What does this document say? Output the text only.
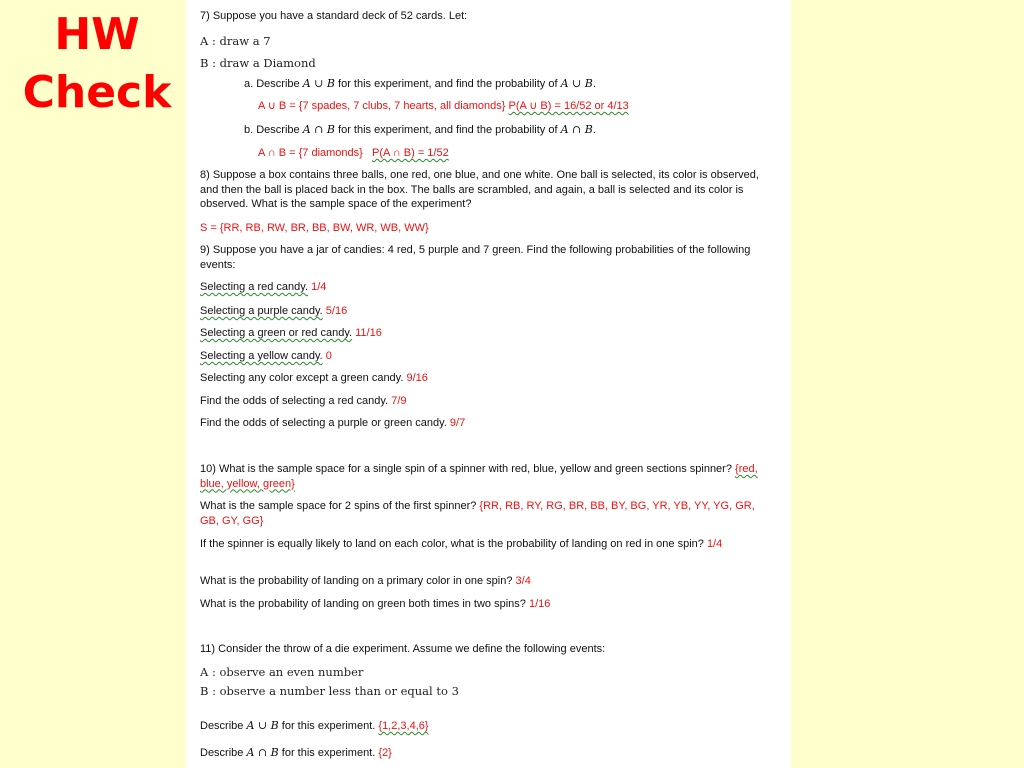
HW
Check
7) Suppose you have a standard deck of 52 cards. Let:
A : draw a 7
B : draw a Diamond
a. Describe A ∪ B for this experiment, and find the probability of A ∪ B.
A ∪ B = {7 spades, 7 clubs, 7 hearts, all diamonds} P(A ∪ B) = 16/52 or 4/13
b. Describe A ∩ B for this experiment, and find the probability of A ∩ B.
A ∩ B = {7 diamonds} P(A ∩ B) = 1/52
8) Suppose a box contains three balls, one red, one blue, and one white. One ball is selected, its color is observed, and then the ball is placed back in the box. The balls are scrambled, and again, a ball is selected and its color is observed. What is the sample space of the experiment?
S = {RR, RB, RW, BR, BB, BW, WR, WB, WW}
9) Suppose you have a jar of candies: 4 red, 5 purple and 7 green. Find the following probabilities of the following events:
Selecting a red candy. 1/4
Selecting a purple candy. 5/16
Selecting a green or red candy. 11/16
Selecting a yellow candy. 0
Selecting any color except a green candy. 9/16
Find the odds of selecting a red candy. 7/9
Find the odds of selecting a purple or green candy. 9/7
10) What is the sample space for a single spin of a spinner with red, blue, yellow and green sections spinner? {red, blue, yellow, green}
What is the sample space for 2 spins of the first spinner? {RR, RB, RY, RG, BR, BB, BY, BG, YR, YB, YY, YG, GR, GB, GY, GG}
If the spinner is equally likely to land on each color, what is the probability of landing on red in one spin? 1/4
What is the probability of landing on a primary color in one spin? 3/4
What is the probability of landing on green both times in two spins? 1/16
11) Consider the throw of a die experiment. Assume we define the following events:
A : observe an even number
B : observe a number less than or equal to 3
Describe A ∪ B for this experiment. {1,2,3,4,6}
Describe A ∩ B for this experiment. {2}
